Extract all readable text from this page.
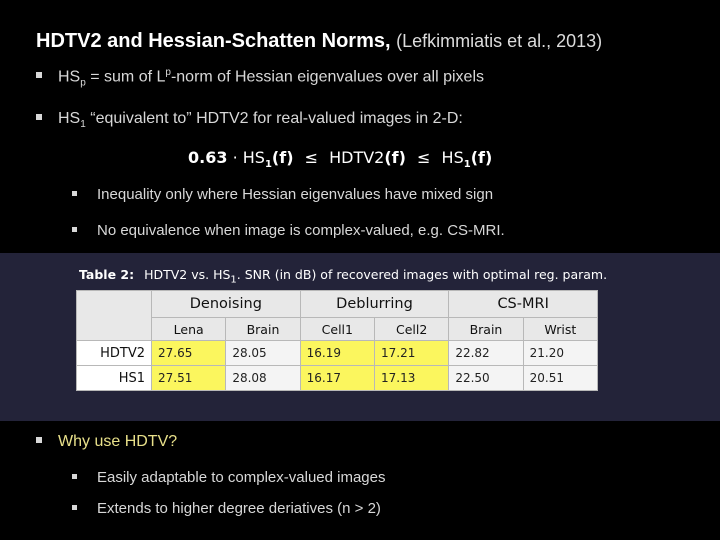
HDTV2 and Hessian-Schatten Norms, (Lefkimmiatis et al., 2013)
$HS_p$ = sum of $L^p$-norm of Hessian eigenvalues over all pixels
$HS_1$ “equivalent to” HDTV2 for real-valued images in 2-D:
$0.63 \cdot HS_1(f)$ ≤ HDTV2(f) ≤ $HS_1(f)$
Inequality only where Hessian eigenvalues have mixed sign
No equivalence when image is complex-valued, e.g. CS-MRI.
Table 2: HDTV2 vs. $HS_1$. SNR (in dB) of recovered images with optimal reg. param.
	Denoising		Deblurring		CS-MRI	
	Lena	Brain	Cell1	Cell2	Brain	Wrist
HDTV2	27.65	28.05	16.19	17.21	22.82	21.20
HS1	27.51	28.08	16.17	17.13	22.50	20.51
Why use HDTV?
Easily adaptable to complex-valued images
Extends to higher degree deriatives (n > 2)
